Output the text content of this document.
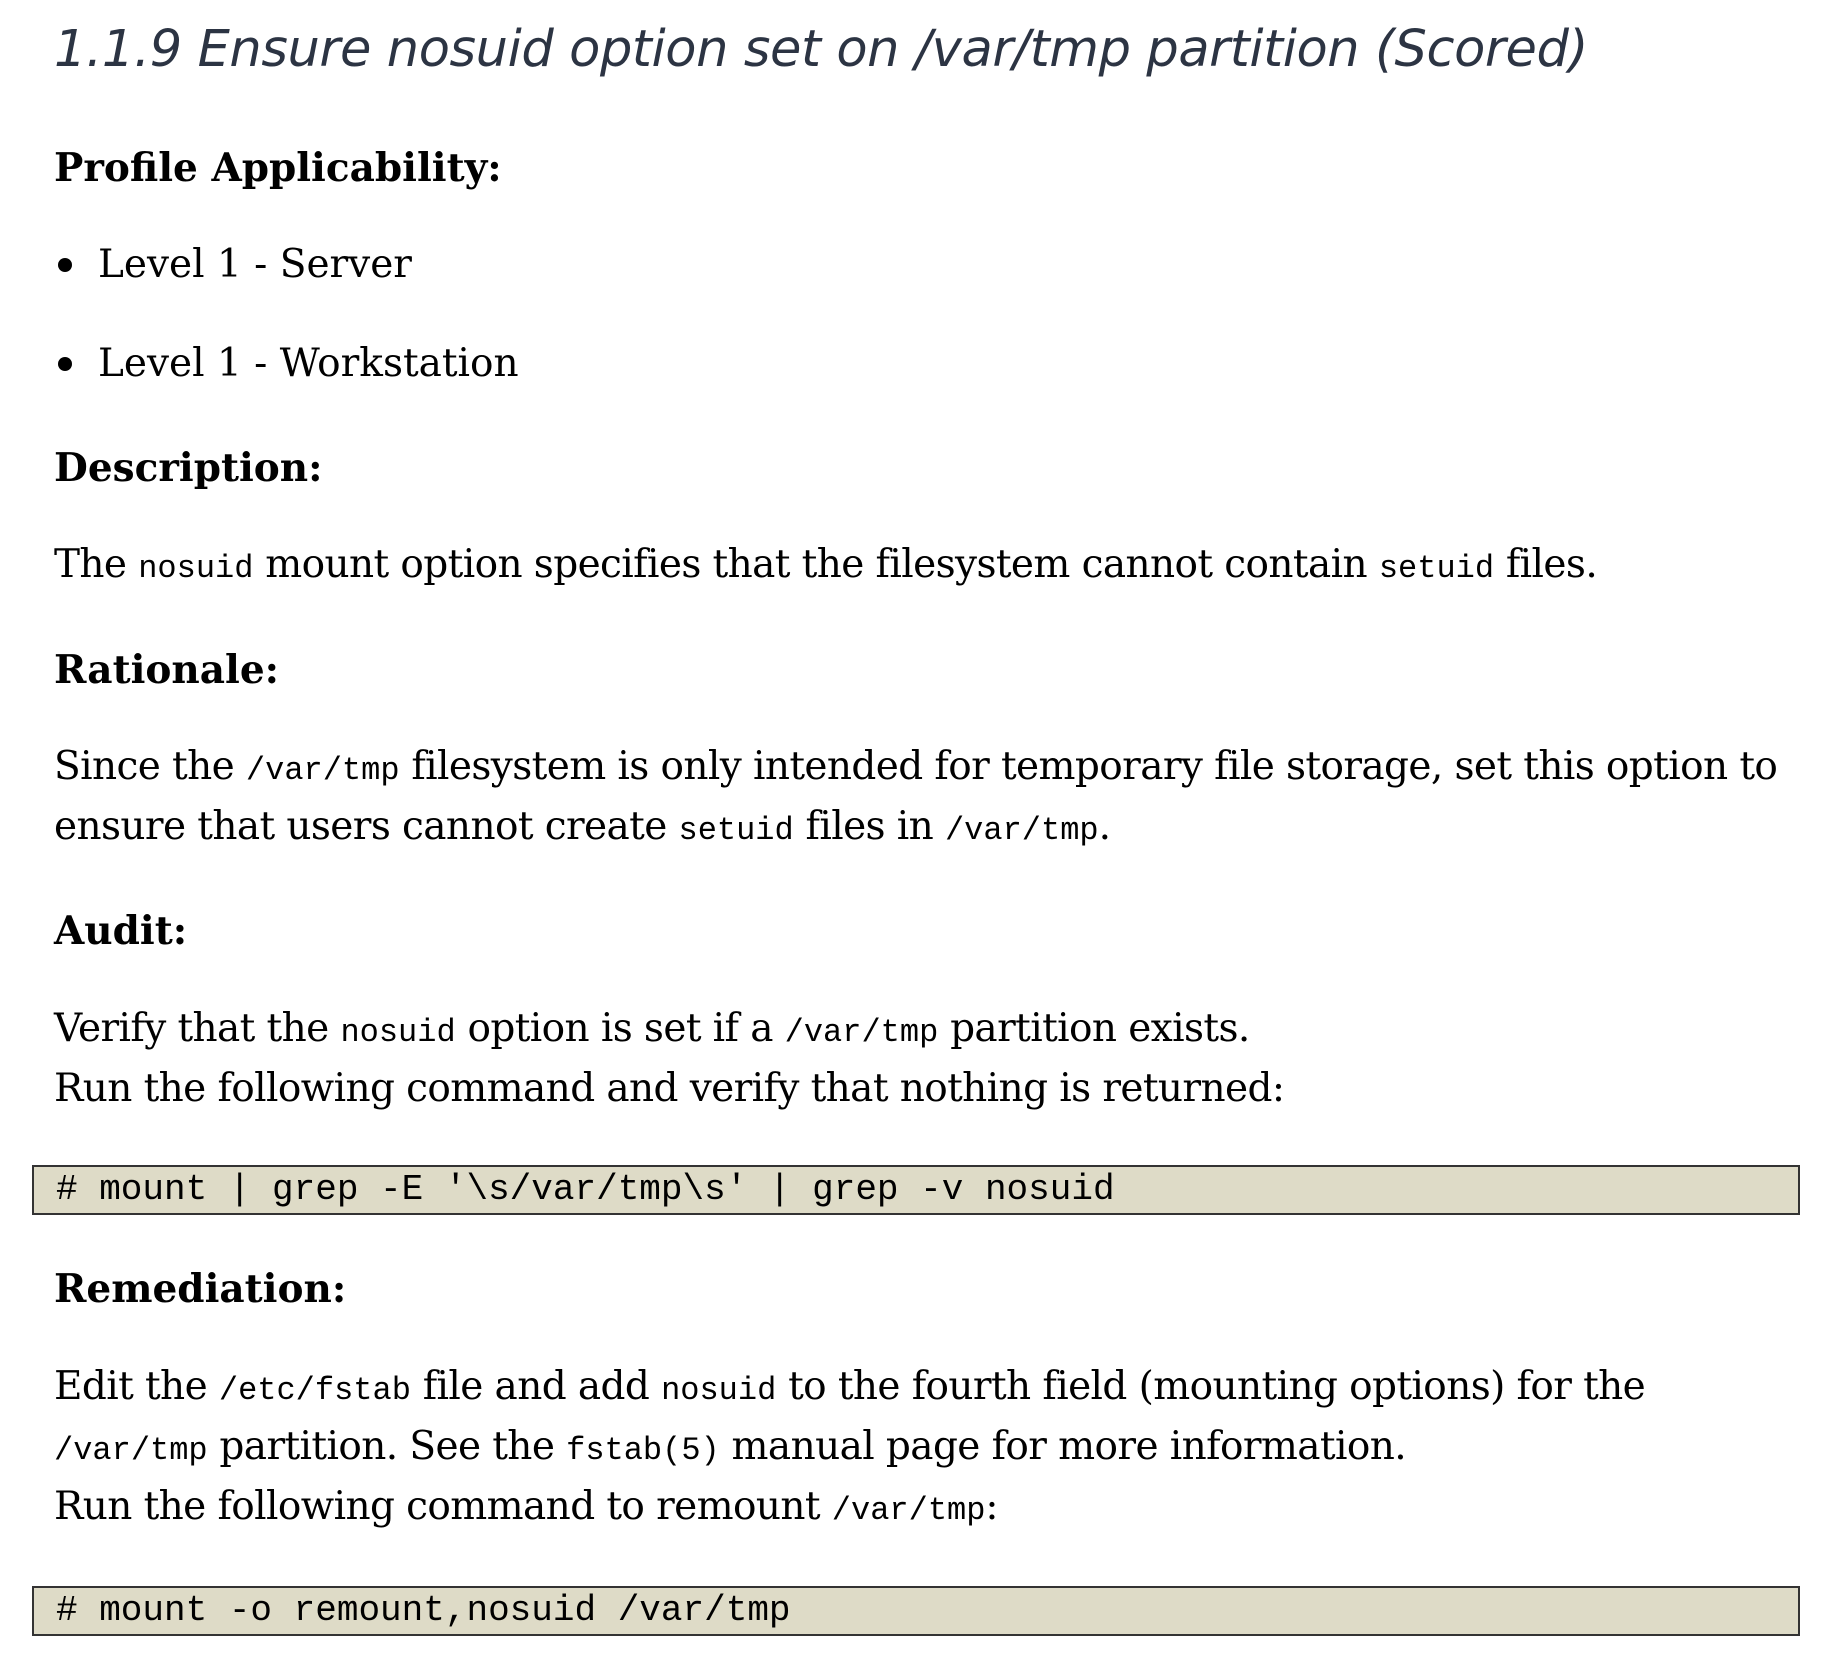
1.1.9 Ensure nosuid option set on /var/tmp partition (Scored)
Profile Applicability:
Level 1 - Server
Level 1 - Workstation
Description:
The nosuid mount option specifies that the filesystem cannot contain setuid files.
Rationale:
Since the /var/tmp filesystem is only intended for temporary file storage, set this option to
ensure that users cannot create setuid files in /var/tmp.
Audit:
Verify that the nosuid option is set if a /var/tmp partition exists.
Run the following command and verify that nothing is returned:
# mount | grep -E '\s/var/tmp\s' | grep -v nosuid
Remediation:
Edit the /etc/fstab file and add nosuid to the fourth field (mounting options) for the
/var/tmp partition. See the fstab(5) manual page for more information.
Run the following command to remount /var/tmp:
# mount -o remount,nosuid /var/tmp
